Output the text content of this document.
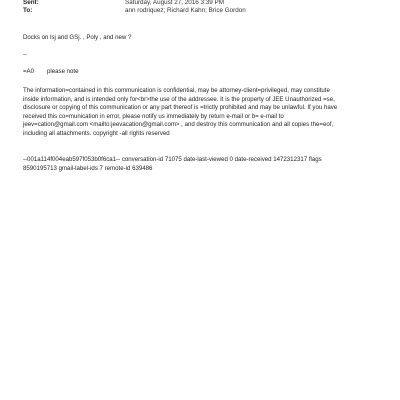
Sent:	Saturday, August 27, 2016 3:39 PM
To:	ann rodriquez; Richard Kahn; Brice Gordon
Docks on lsj and GSj. , Poly , and new ?
--
=A0 please note
The information=contained in this communication is confidential, may be attorney-client=privileged, may constitute
inside information, and is intended only for<br>the use of the addressee. It is the property of JEE Unauthorized =se,
disclosure or copying of this communication or any part thereof is =trictly prohibited and may be unlawful. If you have
received this co=munication in error, please notify us immediately by return e-mail or b= e-mail to
jeev=cation@gmail.com <mailto:jeevacation@gmail.com> , and destroy this communication and all copies the=eof,
including all attachments. copyright -all rights reserved
--001a114f004eab597f053b0f6ca1-- conversation-id 71075 date-last-viewed 0 date-received 1472312317 flags
8590195713 gmail-label-ids 7 remote-id 639486
